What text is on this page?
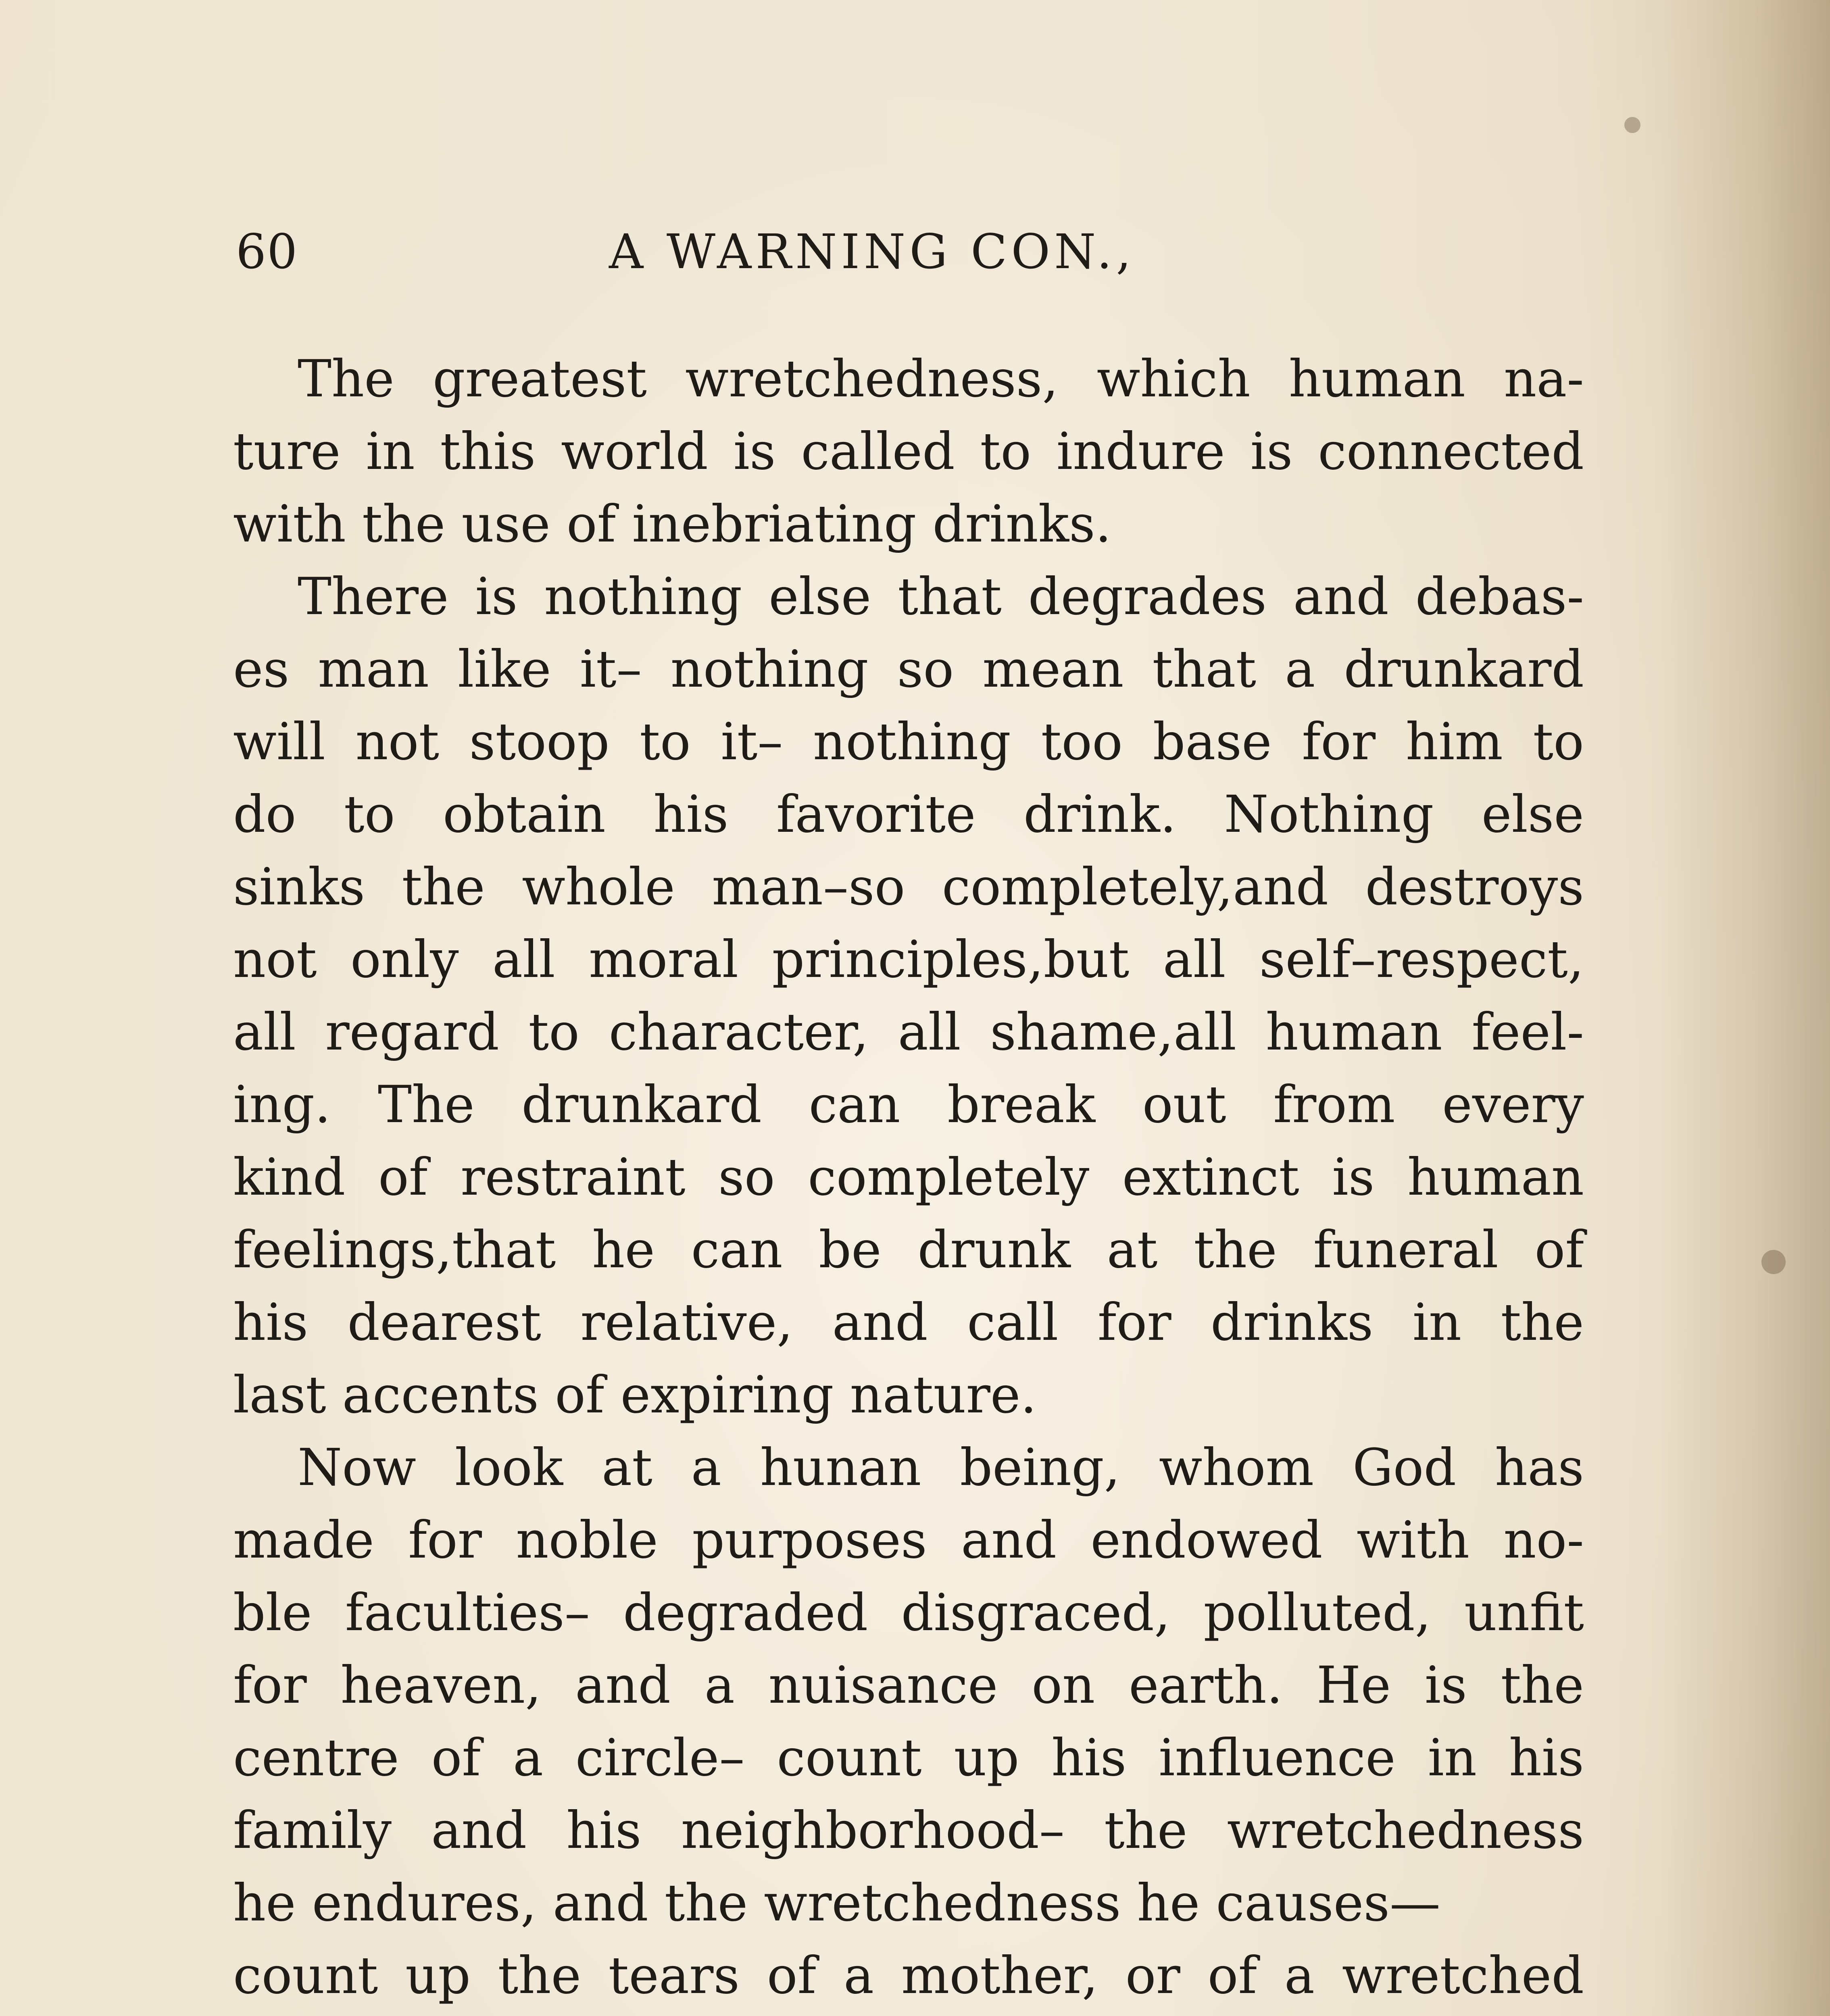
60	A WARNING CON.,
The greatest wretchedness, which human na-
ture in this world is called to indure is connected
with the use of inebriating drinks.
There is nothing else that degrades and debas-
es man like it– nothing so mean that a drunkard
will not stoop to it– nothing too base for him to
do to obtain his favorite drink. Nothing else
sinks the whole man–so completely,and destroys
not only all moral principles,but all self–respect,
all regard to character, all shame,all human feel-
ing. The drunkard can break out from every
kind of restraint so completely extinct is human
feelings,that he can be drunk at the funeral of
his dearest relative, and call for drinks in the
last accents of expiring nature.
Now look at a hunan being, whom God has
made for noble purposes and endowed with no-
ble faculties– degraded disgraced, polluted, unfit
for heaven, and a nuisance on earth. He is the
centre of a circle– count up his influence in his
family and his neighborhood– the wretchedness
he endures, and the wretchedness he causes—
count up the tears of a mother, or of a wretched
